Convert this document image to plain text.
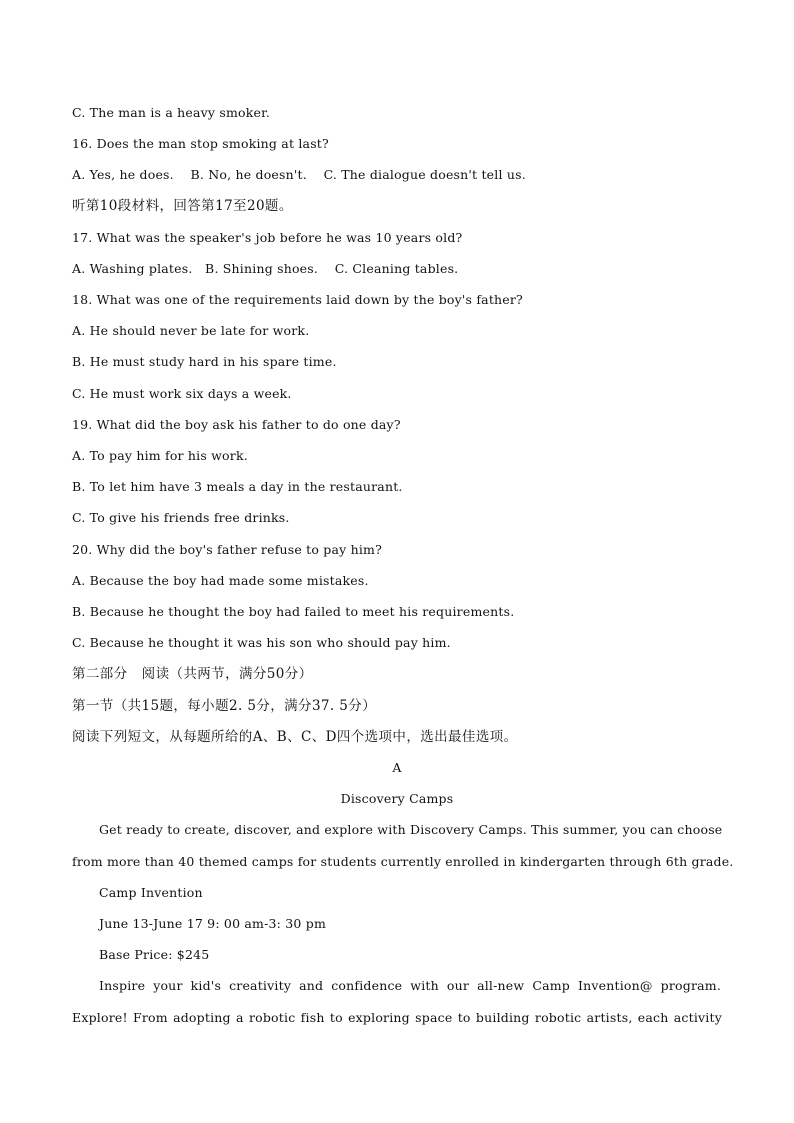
C. The man is a heavy smoker.
16. Does the man stop smoking at last?
A. Yes, he does.    B. No, he doesn't.    C. The dialogue doesn't tell us.
听第10段材料，回答第17至20题。
17. What was the speaker's job before he was 10 years old?
A. Washing plates.   B. Shining shoes.    C. Cleaning tables.
18. What was one of the requirements laid down by the boy's father?
A. He should never be late for work.
B. He must study hard in his spare time.
C. He must work six days a week.
19. What did the boy ask his father to do one day?
A. To pay him for his work.
B. To let him have 3 meals a day in the restaurant.
C. To give his friends free drinks.
20. Why did the boy's father refuse to pay him?
A. Because the boy had made some mistakes.
B. Because he thought the boy had failed to meet his requirements.
C. Because he thought it was his son who should pay him.
第二部分   阅读（共两节，满分50分）
第一节（共15题，每小题2. 5分，满分37. 5分）
阅读下列短文，从每题所给的A、B、C、D四个选项中，选出最佳选项。
A
Discovery Camps
Get ready to create, discover, and explore with Discovery Camps. This summer, you can choose
from more than 40 themed camps for students currently enrolled in kindergarten through 6th grade.
Camp Invention
June 13-June 17 9: 00 am-3: 30 pm
Base Price: $245
Inspire your kid's creativity and confidence with our all-new Camp Invention@ program.
Explore! From adopting a robotic fish to exploring space to building robotic artists, each activity
